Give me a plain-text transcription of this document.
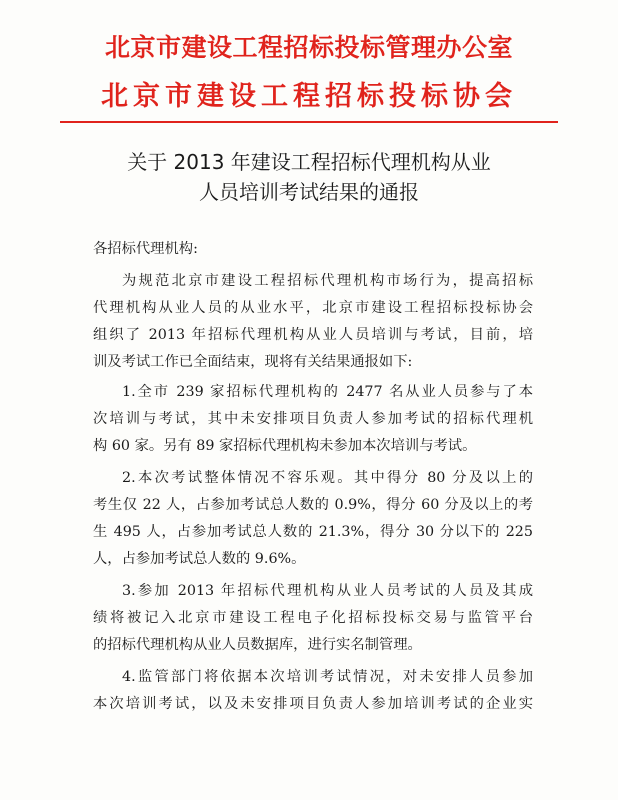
北京市建设工程招标投标管理办公室
北京市建设工程招标投标协会
关于 2013 年建设工程招标代理机构从业
人员培训考试结果的通报
各招标代理机构:
为规范北京市建设工程招标代理机构市场行为，提高招标
代理机构从业人员的从业水平，北京市建设工程招标投标协会
组织了 2013 年招标代理机构从业人员培训与考试，目前，培
训及考试工作已全面结束，现将有关结果通报如下:
1.全市 239 家招标代理机构的 2477 名从业人员参与了本
次培训与考试，其中未安排项目负责人参加考试的招标代理机
构 60 家。另有 89 家招标代理机构未参加本次培训与考试。
2.本次考试整体情况不容乐观。其中得分 80 分及以上的
考生仅 22 人，占参加考试总人数的 0.9%，得分 60 分及以上的考
生 495 人，占参加考试总人数的 21.3%，得分 30 分以下的 225
人，占参加考试总人数的 9.6%。
3.参加 2013 年招标代理机构从业人员考试的人员及其成
绩将被记入北京市建设工程电子化招标投标交易与监管平台
的招标代理机构从业人员数据库，进行实名制管理。
4.监管部门将依据本次培训考试情况，对未安排人员参加
本次培训考试，以及未安排项目负责人参加培训考试的企业实
